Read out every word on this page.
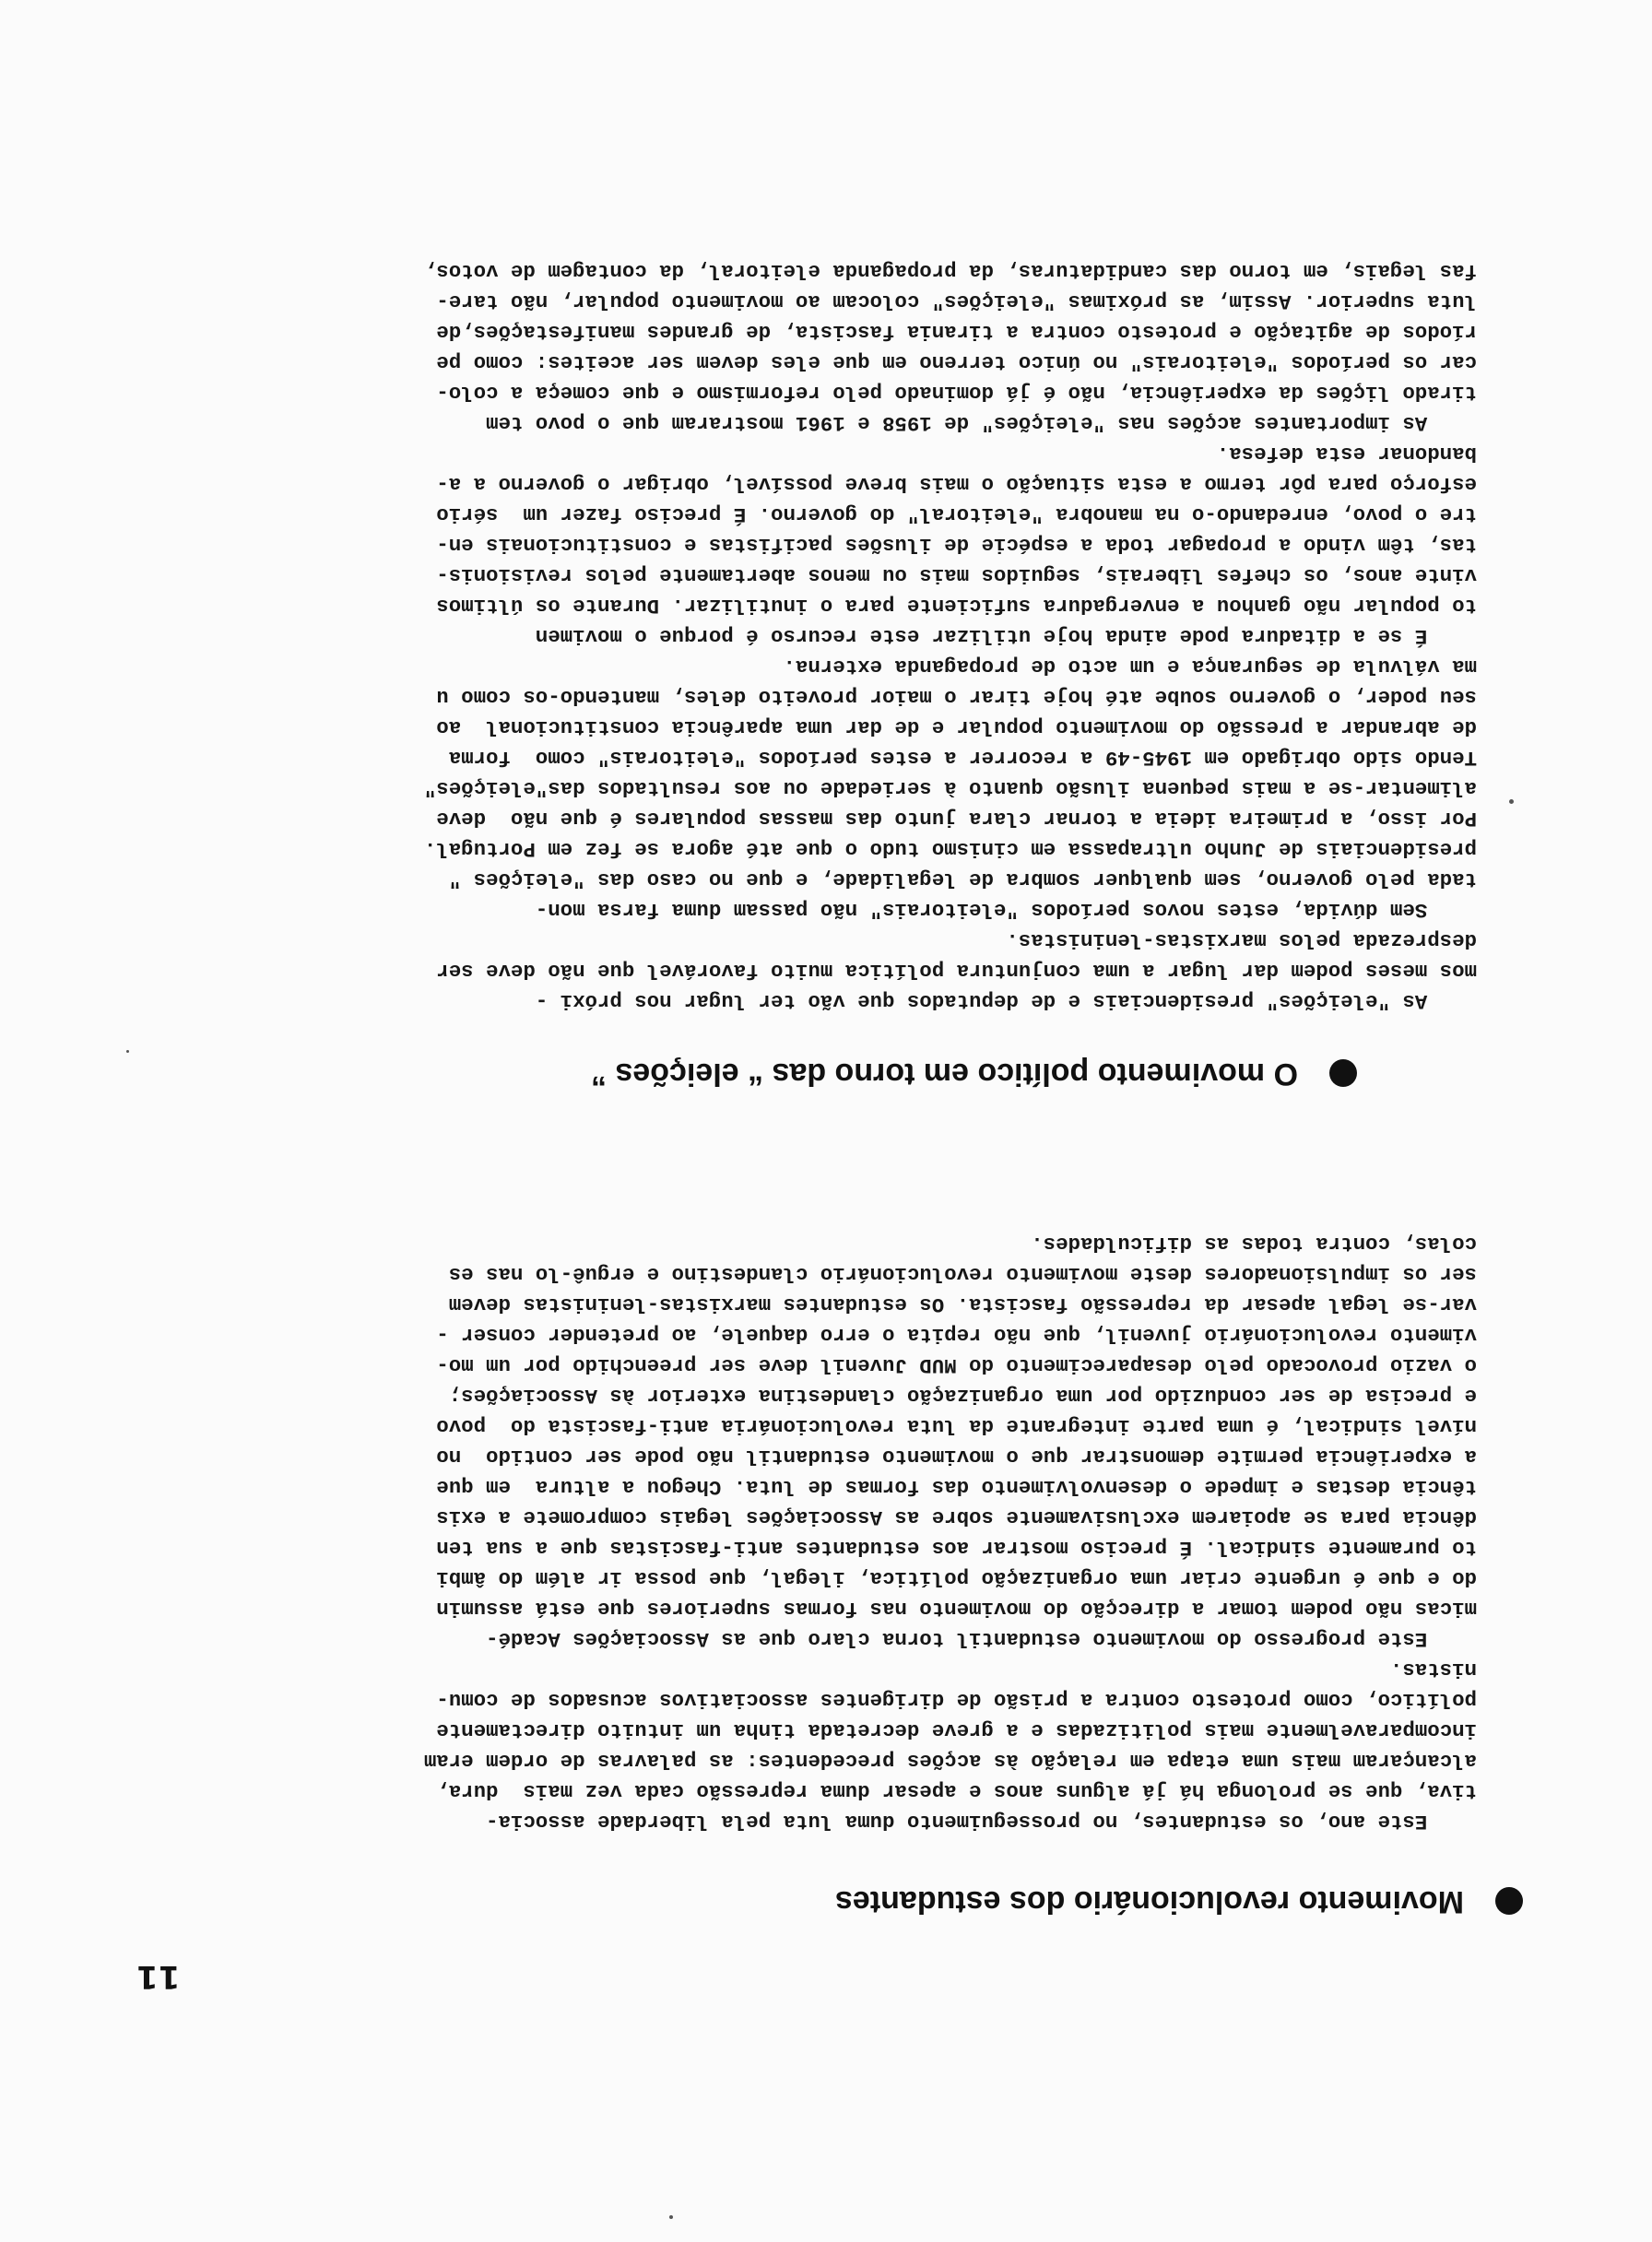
11
Movimento revolucionário dos estudantes

Este ano, os estudantes, no prosseguimento duma luta pela liberdade associa-
tiva, que se prolonga há já alguns anos e apesar duma repressão cada vez mais  dura,
alcançaram mais uma etapa em relação às acções precedentes: as palavras de ordem eram
incomparavelmente mais politizadas e a greve decretada tinha um intuito directamente
político, como protesto contra a prisão de dirigentes associativos acusados de comu-
nistas.

Este progresso do movimento estudantil torna claro que as Associações Acadé-
micas não podem tomar a direcção do movimento nas formas superiores que está assumin
do e que é urgente criar uma organização política, ilegal, que possa ir além do âmbi
to puramente sindical. É preciso mostrar aos estudantes anti-fascistas que a sua ten
dência para se apoiarem exclusivamente sobre as Associações legais compromete a exis
tência destas e impede o desenvolvimento das formas de luta. Chegou a altura  em que
a experiência permite demonstrar que o movimento estudantil não pode ser contido  no
nível sindical, é uma parte integrante da luta revolucionária anti-fascista do  povo
e precisa de ser conduzido por uma organização clandestina exterior às Associações;
o vazio provocado pelo desaparecimento do MUD Juvenil deve ser preenchido por um mo-
vimento revolucionário juvenil, que não repita o erro daquele, ao pretender conser -
var-se legal apesar da repressão fascista. Os estudantes marxistas-leninistas devem
ser os impulsionadores deste movimento revolucionário clandestino e erguê-lo nas es
colas, contra todas as dificuldades.

O movimento político em torno das “ eleições ”

As "eleições" presidenciais e de deputados que vão ter lugar nos próxi -
mos meses podem dar lugar a uma conjuntura política muito favorável que não deve ser
desprezada pelos marxistas-leninistas.

Sem dúvida, estes novos períodos "eleitorais" não passam duma farsa mon-
tada pelo governo, sem qualquer sombra de legalidade, e que no caso das "eleições "
presidenciais de Junho ultrapassa em cinismo tudo o que até agora se fez em Portugal.
Por isso, a primeira ideia a tornar clara junto das massas populares é que não  deve
alimentar-se a mais pequena ilusão quanto à seriedade ou aos resultados das"eleições"
Tendo sido obrigado em 1945-49 a recorrer a estes períodos "eleitorais" como  forma
de abrandar a pressão do movimento popular e de dar uma aparência constitucional  ao
seu poder, o governo soube até hoje tirar o maior proveito deles, mantendo-os como u
ma válvula de segurança e um acto de propaganda externa.

É se a ditadura pode ainda hoje utilizar este recurso é porque o movimen
to popular não ganhou a envergadura suficiente para o inutilizar. Durante os últimos
vinte anos, os chefes liberais, seguidos mais ou menos abertamente pelos revisionis-
tas, têm vindo a propagar toda a espécie de ilusões pacifistas e constitucionais en-
tre o povo, enredando-o na manobra "eleitoral" do governo. É preciso fazer um  sério
esforço para pôr termo a esta situação o mais breve possível, obrigar o governo a a-
bandonar esta defesa.

As importantes acções nas "eleições" de 1958 e 1961 mostraram que o povo tem
tirado lições da experiência, não é já dominado pelo reformismo e que começa a colo-
car os períodos "eleitorais" no único terreno em que eles devem ser aceites: como pe
ríodos de agitação e protesto contra a tirania fascista, de grandes manifestações,de
luta superior. Assim, as próximas "eleições" colocam ao movimento popular, não tare-
fas legais, em torno das candidaturas, da propaganda eleitoral, da contagem de votos,
